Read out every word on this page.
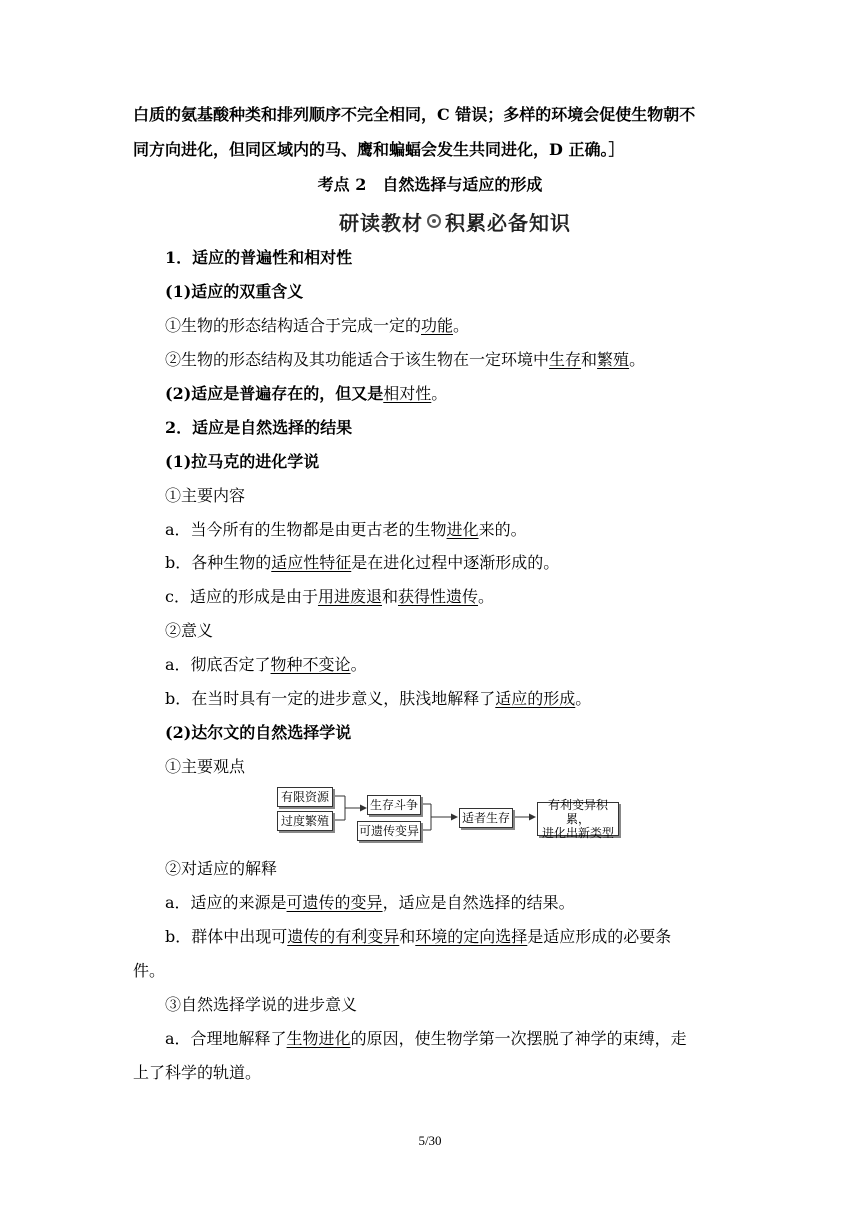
白质的氨基酸种类和排列顺序不完全相同，C 错误；多样的环境会促使生物朝不
同方向进化，但同区域内的马、鹰和蝙蝠会发生共同进化，D 正确。］
考点 2　自然选择与适应的形成
研读教材 积累必备知识
1．适应的普遍性和相对性
(1)适应的双重含义
①生物的形态结构适合于完成一定的功能。
②生物的形态结构及其功能适合于该生物在一定环境中生存和繁殖。
(2)适应是普遍存在的，但又是相对性。
2．适应是自然选择的结果
(1)拉马克的进化学说
①主要内容
a．当今所有的生物都是由更古老的生物进化来的。
b．各种生物的适应性特征是在进化过程中逐渐形成的。
c．适应的形成是由于用进废退和获得性遗传。
②意义
a．彻底否定了物种不变论。
b．在当时具有一定的进步意义，肤浅地解释了适应的形成。
(2)达尔文的自然选择学说
①主要观点
有限资源
过度繁殖
生存斗争
可遗传变异
适者生存
有利变异积累，
进化出新类型
②对适应的解释
a．适应的来源是可遗传的变异，适应是自然选择的结果。
b．群体中出现可遗传的有利变异和环境的定向选择是适应形成的必要条
件。
③自然选择学说的进步意义
a．合理地解释了生物进化的原因，使生物学第一次摆脱了神学的束缚，走
上了科学的轨道。
5/30
